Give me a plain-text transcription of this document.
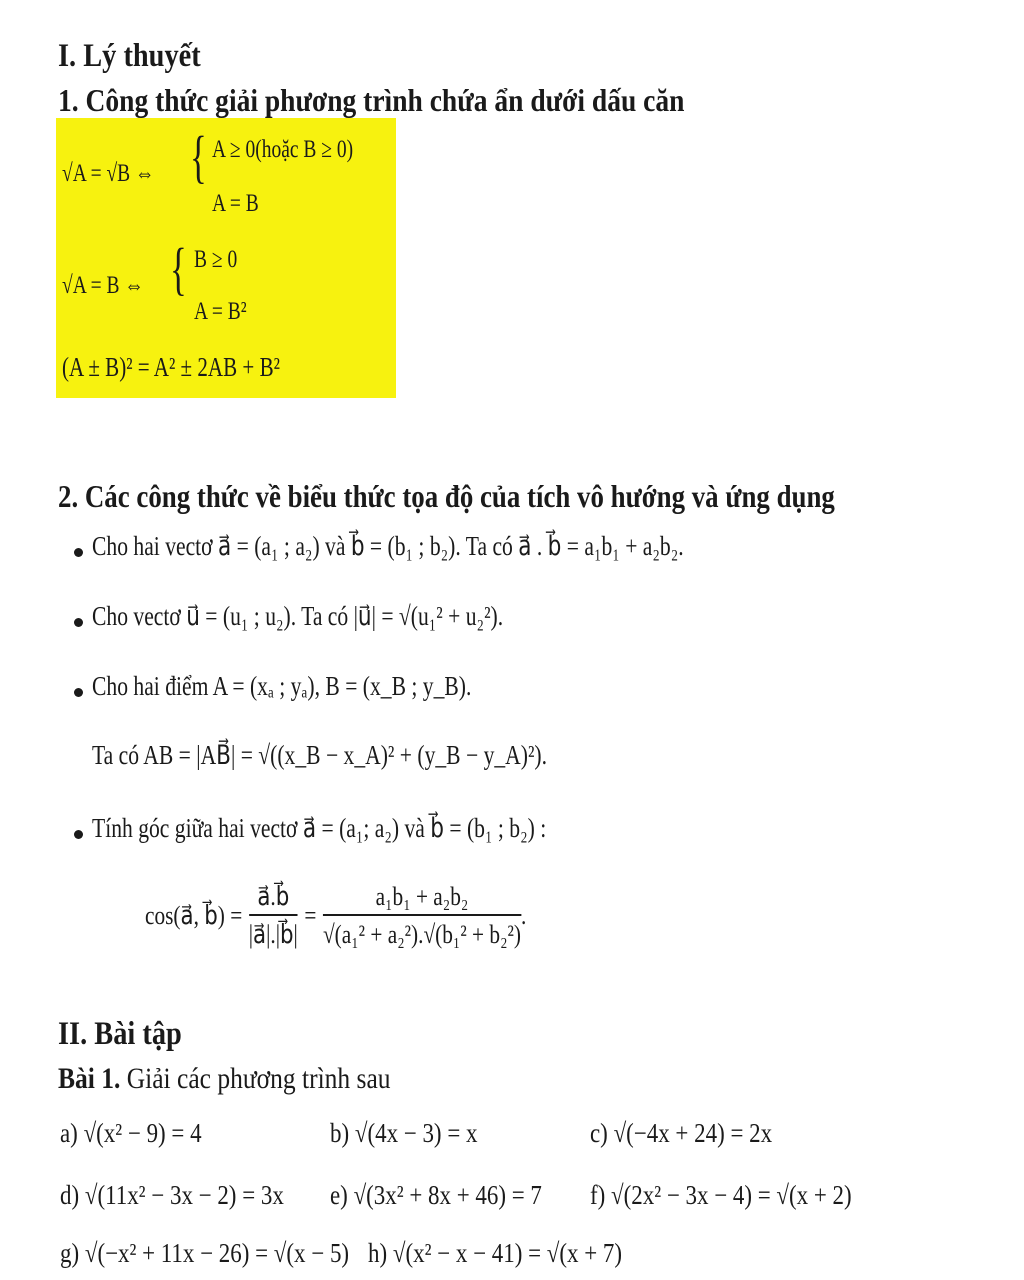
I. Lý thuyết
1. Công thức giải phương trình chứa ẩn dưới dấu căn
√A = √B ⇔ { A ≥ 0(hoặc B ≥ 0)
A = B
√A = B ⇔ { B ≥ 0
A = B²
(A ± B)² = A² ± 2AB + B²
2. Các công thức về biểu thức tọa độ của tích vô hướng và ứng dụng
Cho hai vectơ a⃗ = (a₁ ; a₂) và b⃗ = (b₁ ; b₂). Ta có a⃗ . b⃗ = a₁b₁ + a₂b₂.
Cho vectơ u⃗ = (u₁ ; u₂). Ta có |u⃗| = √(u₁² + u₂²).
Cho hai điểm A = (xₐ ; yₐ), B = (x_B ; y_B).
Ta có AB = |AB⃗| = √((x_B − x_A)² + (y_B − y_A)²).
Tính góc giữa hai vectơ a⃗ = (a₁; a₂) và b⃗ = (b₁ ; b₂) :
cos(a⃗, b⃗) = $\frac{a⃗.b⃗}{|a⃗|.|b⃗|} = \frac{\text{a₁b₁ + a₂b₂}}{\text{√(a₁² + a₂²).√(b₁² + b₂²)}}$ .
II. Bài tập
Bài 1. Giải các phương trình sau
a) √(x² − 9) = 4	b) √(4x − 3) = x	c) √(−4x + 24) = 2x
d) √(11x² − 3x − 2) = 3x e) √(3x² + 8x + 46) = 7 f) √(2x² − 3x − 4) = √(x + 2)
g) √(−x² + 11x − 26) = √(x − 5) h) √(x² − x − 41) = √(x + 7)
